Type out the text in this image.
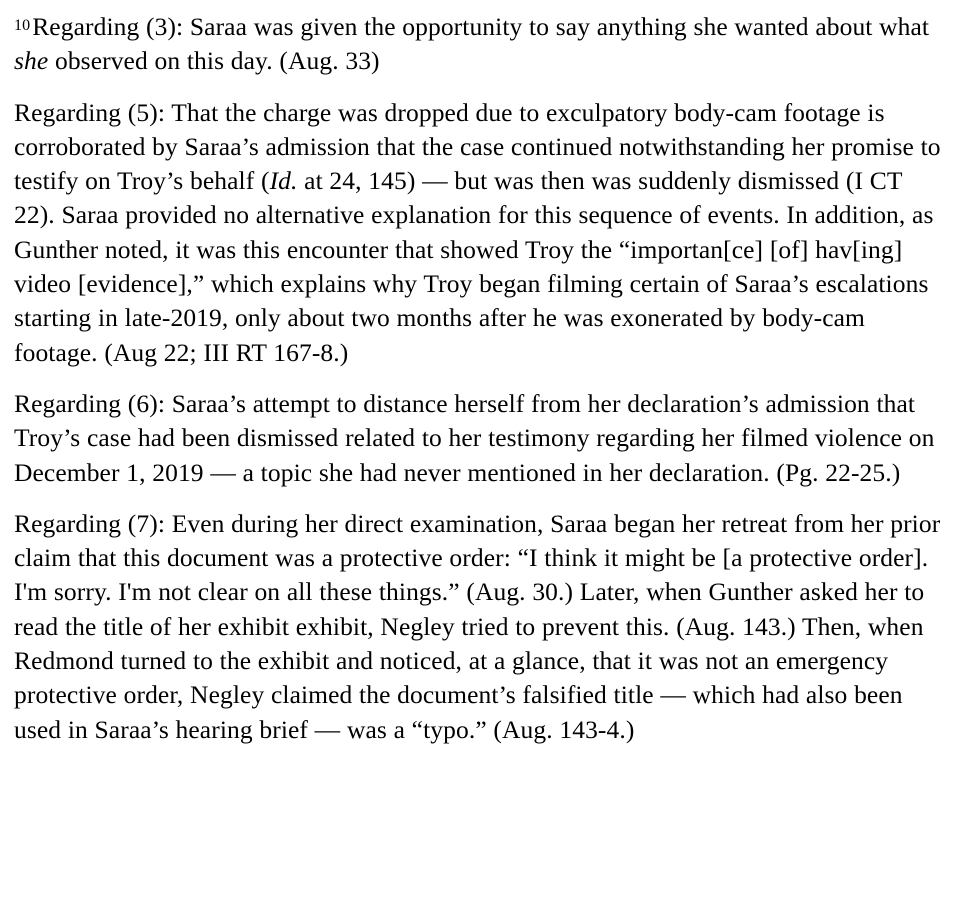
10Regarding (3): Saraa was given the opportunity to say anything she wanted about what she observed on this day. (Aug. 33)

Regarding (5): That the charge was dropped due to exculpatory body-cam footage is corroborated by Saraa’s admission that the case continued notwithstanding her promise to testify on Troy’s behalf (Id. at 24, 145) — but was then was suddenly dismissed (I CT 22). Saraa provided no alternative explanation for this sequence of events. In addition, as Gunther noted, it was this encounter that showed Troy the “importan[ce] [of] hav[ing] video [evidence],” which explains why Troy began filming certain of Saraa’s escalations starting in late-2019, only about two months after he was exonerated by body-cam footage. (Aug 22; III RT 167-8.)

Regarding (6): Saraa’s attempt to distance herself from her declaration’s admission that Troy’s case had been dismissed related to her testimony regarding her filmed violence on December 1, 2019 — a topic she had never mentioned in her declaration. (Pg. 22-25.)

Regarding (7): Even during her direct examination, Saraa began her retreat from her prior claim that this document was a protective order: “I think it might be [a protective order]. I'm sorry. I'm not clear on all these things.” (Aug. 30.) Later, when Gunther asked her to read the title of her exhibit exhibit, Negley tried to prevent this. (Aug. 143.) Then, when Redmond turned to the exhibit and noticed, at a glance, that it was not an emergency protective order, Negley claimed the document’s falsified title — which had also been used in Saraa’s hearing brief — was a “typo.” (Aug. 143-4.)
